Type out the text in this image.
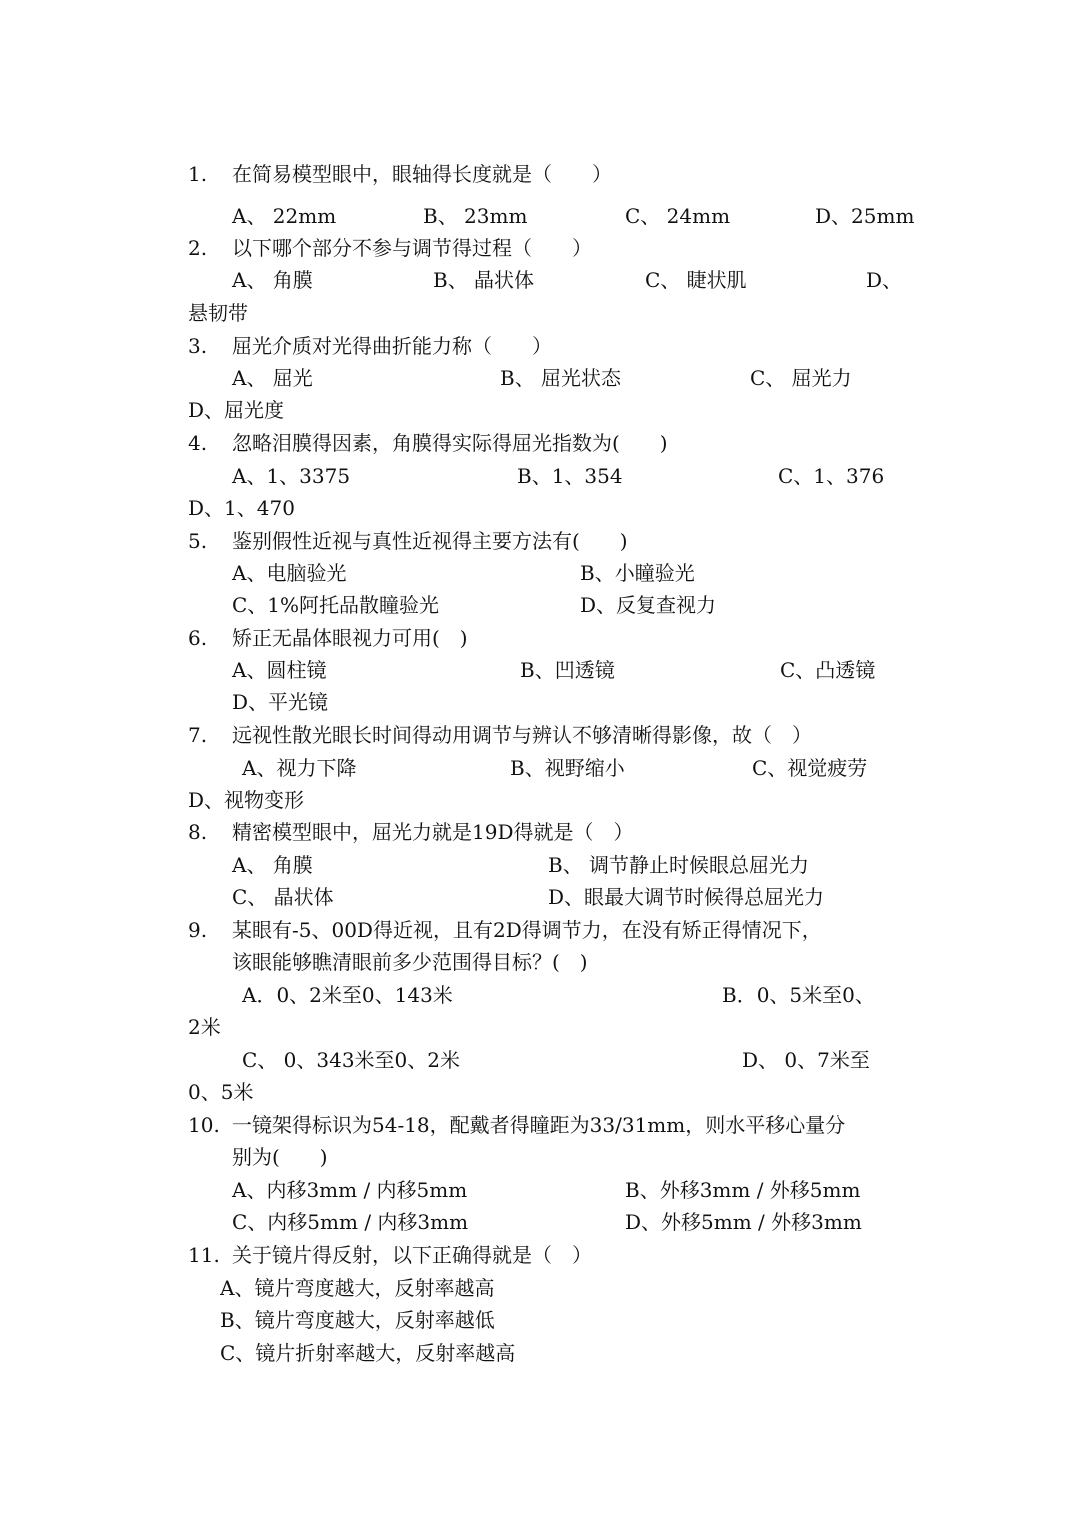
1. 在简易模型眼中，眼轴得长度就是（　　）
A、 22mm	B、 23mm	C、 24mm	D、25mm
2. 以下哪个部分不参与调节得过程（　　）
A、 角膜	B、 晶状体	C、 睫状肌	D、
悬韧带
3. 屈光介质对光得曲折能力称（　　）
A、 屈光	B、 屈光状态	C、 屈光力
D、屈光度
4. 忽略泪膜得因素，角膜得实际得屈光指数为(　　)
A、1、3375	B、1、354	C、1、376
D、1、470
5. 鉴别假性近视与真性近视得主要方法有(　　)
A、电脑验光	B、小瞳验光
C、1%阿托品散瞳验光	D、反复查视力
6. 矫正无晶体眼视力可用(　)
A、圆柱镜	B、凹透镜	C、凸透镜
D、平光镜
7. 远视性散光眼长时间得动用调节与辨认不够清晰得影像，故（　）
A、视力下降	B、视野缩小	C、视觉疲劳
D、视物变形
8. 精密模型眼中，屈光力就是19D得就是（　）
A、 角膜	B、 调节静止时候眼总屈光力
C、 晶状体	D、眼最大调节时候得总屈光力
9. 某眼有-5、00D得近视，且有2D得调节力，在没有矫正得情况下，
该眼能够瞧清眼前多少范围得目标？(　)
A．0、2米至0、143米	B．0、5米至0、
2米
C、 0、343米至0、2米	D、 0、7米至
0、5米
10. 一镜架得标识为54-18，配戴者得瞳距为33/31mm，则水平移心量分
别为(　　)
A、内移3mm / 内移5mm	B、外移3mm / 外移5mm
C、内移5mm / 内移3mm	D、外移5mm / 外移3mm
11. 关于镜片得反射，以下正确得就是（　）
A、镜片弯度越大，反射率越高
B、镜片弯度越大，反射率越低
C、镜片折射率越大，反射率越高
